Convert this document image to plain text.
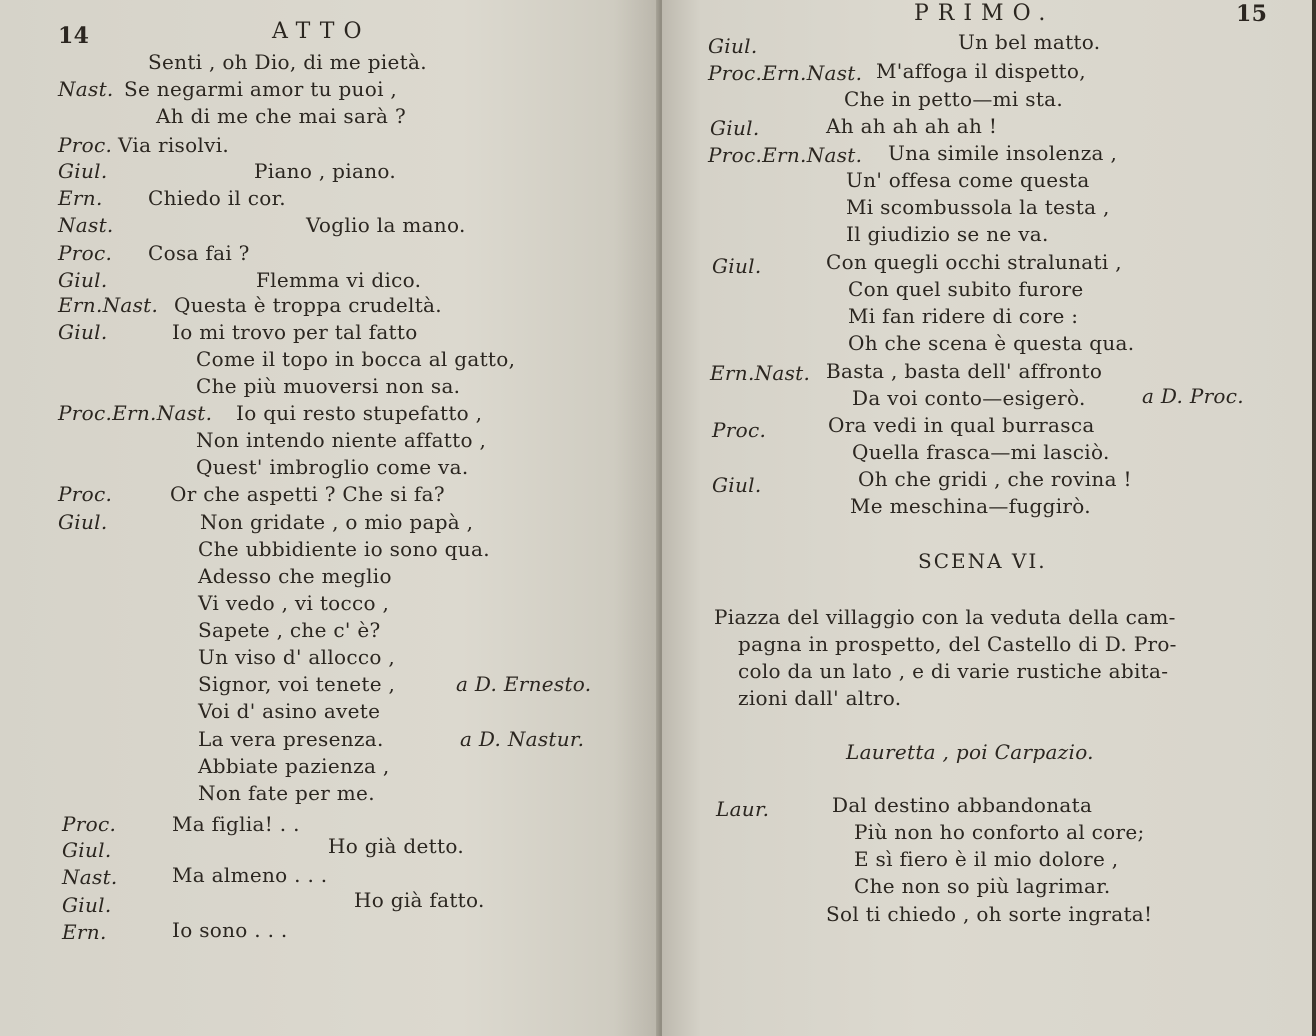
14	ATTO
Senti , oh Dio, di me pietà.
Nast. Se negarmi amor tu puoi ,
Ah di me che mai sarà ?
Proc. Via risolvi.
Giul.	Piano , piano.
Ern. Chiedo il cor.
Nast.	Voglio la mano.
Proc. Cosa fai ?
Giul.	Flemma vi dico.
Ern.Nast. Questa è troppa crudeltà.
Giul.	Io mi trovo per tal fatto
Come il topo in bocca al gatto,
Che più muoversi non sa.
Proc.Ern.Nast. Io qui resto stupefatto ,
Non intendo niente affatto ,
Quest' imbroglio come va.
Proc.	Or che aspetti ? Che si fa?
Giul.	Non gridate , o mio papà ,
Che ubbidiente io sono qua.
Adesso che meglio
Vi vedo , vi tocco ,
Sapete , che c' è?
Un viso d' allocco ,
Signor, voi tenete ,	a D. Ernesto.
Voi d' asino avete
La vera presenza.	a D. Nastur.
Abbiate pazienza ,
Non fate per me.
Proc.	Ma figlia! . .
Giul.	Ho già detto.
Nast.	Ma almeno . . .
Giul.	Ho già fatto.
Ern.	Io sono . . .
PRIMO.	15
Giul.	Un bel matto.
Proc.Ern.Nast. M'affoga il dispetto,
Che in petto—mi sta.
Giul.	Ah ah ah ah ah !
Proc.Ern.Nast. Una simile insolenza ,
Un' offesa come questa
Mi scombussola la testa ,
Il giudizio se ne va.
Giul.	Con quegli occhi stralunati ,
Con quel subito furore
Mi fan ridere di core :
Oh che scena è questa qua.
Ern.Nast. Basta , basta dell' affronto
Da voi conto—esigerò.	a D. Proc.
Proc.	Ora vedi in qual burrasca
Quella frasca—mi lasciò.
Giul.	Oh che gridi , che rovina !
Me meschina—fuggirò.
SCENA VI.
Piazza del villaggio con la veduta della cam-
pagna in prospetto, del Castello di D. Pro-
colo da un lato , e di varie rustiche abita-
zioni dall' altro.
Lauretta , poi Carpazio.
Laur.	Dal destino abbandonata
Più non ho conforto al core;
E sì fiero è il mio dolore ,
Che non so più lagrimar.
Sol ti chiedo , oh sorte ingrata!
